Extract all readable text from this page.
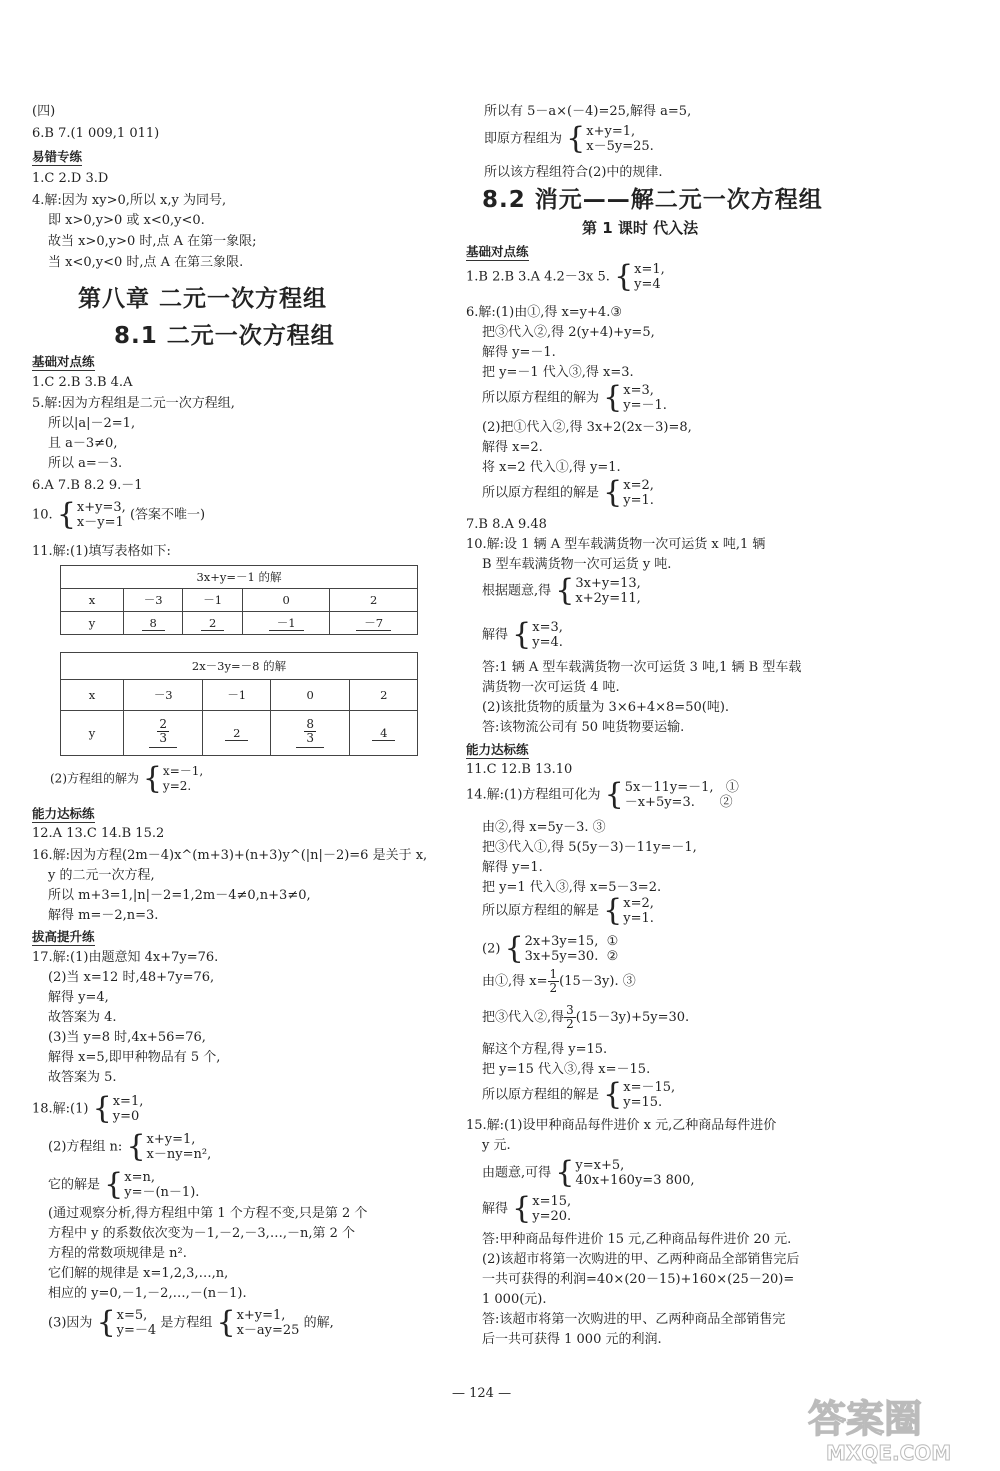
(四)
6.B 7.(1 009,1 011)
易错专练
1.C 2.D 3.D
4.解:因为 xy>0,所以 x,y 为同号,
即 x>0,y>0 或 x<0,y<0.
故当 x>0,y>0 时,点 A 在第一象限;
当 x<0,y<0 时,点 A 在第三象限.
第八章 二元一次方程组
8.1 二元一次方程组
基础对点练
1.C 2.B 3.B 4.A
5.解:因为方程组是二元一次方程组,
所以|a|－2=1,
且 a－3≠0,
所以 a=－3.
6.A 7.B 8.2 9.－1
10. { x+y=3,
x－y=1 (答案不唯一)
11.解:(1)填写表格如下:
3x+y=－1 的解				
x	－3	－1	0	2
y	8	2	－1	－7
2x－3y=－8 的解				
x	－3	－1	0	2
y	$\frac{2}{3}$	2	$\frac{8}{3}$	4
(2)方程组的解为 { x=－1,
y=2.
能力达标练
12.A 13.C 14.B 15.2
16.解:因为方程(2m－4)x^(m+3)+(n+3)y^(|n|－2)=6 是关于 x,
y 的二元一次方程,
所以 m+3=1,|n|－2=1,2m－4≠0,n+3≠0,
解得 m=－2,n=3.
拔高提升练
17.解:(1)由题意知 4x+7y=76.
(2)当 x=12 时,48+7y=76,
解得 y=4,
故答案为 4.
(3)当 y=8 时,4x+56=76,
解得 x=5,即甲种物品有 5 个,
故答案为 5.
18.解:(1) { x=1,
y=0
(2)方程组 n: { x+y=1,
x－ny=n²,
它的解是 { x=n,
y=－(n－1).
(通过观察分析,得方程组中第 1 个方程不变,只是第 2 个
方程中 y 的系数依次变为－1,－2,－3,…,－n,第 2 个
方程的常数项规律是 n².
它们解的规律是 x=1,2,3,…,n,
相应的 y=0,－1,－2,…,－(n－1).
(3)因为 { x=5,
y=－4 是方程组 { x+y=1,
x－ay=25 的解,
所以有 5－a×(－4)=25,解得 a=5,
即原方程组为 { x+y=1,
x－5y=25.
所以该方程组符合(2)中的规律.
8.2 消元——解二元一次方程组
第 1 课时 代入法
基础对点练
1.B 2.B 3.A 4.2－3x 5. { x=1,
y=4
6.解:(1)由①,得 x=y+4.③
把③代入②,得 2(y+4)+y=5,
解得 y=－1.
把 y=－1 代入③,得 x=3.
所以原方程组的解为 { x=3,
y=－1.
(2)把①代入②,得 3x+2(2x－3)=8,
解得 x=2.
将 x=2 代入①,得 y=1.
所以原方程组的解是 { x=2,
y=1.
7.B 8.A 9.48
10.解:设 1 辆 A 型车载满货物一次可运货 x 吨,1 辆
B 型车载满货物一次可运货 y 吨.
根据题意,得 { 3x+y=13,
x+2y=11,
解得 { x=3,
y=4.
答:1 辆 A 型车载满货物一次可运货 3 吨,1 辆 B 型车载
满货物一次可运货 4 吨.
(2)该批货物的质量为 3×6+4×8=50(吨).
答:该物流公司有 50 吨货物要运输.
能力达标练
11.C 12.B 13.10
14.解:(1)方程组可化为 { 5x－11y=－1,   ①
－x+5y=3.      ②
由②,得 x=5y－3. ③
把③代入①,得 5(5y－3)－11y=－1,
解得 y=1.
把 y=1 代入③,得 x=5－3=2.
所以原方程组的解是 { x=2,
y=1.
(2) { 2x+3y=15,  ①
3x+5y=30.  ②
由①,得 $x= \frac{1}{2} (15-3y)$. ③
把③代入②,得 $\frac{3}{2} (15-3y)+5y=30$.
解这个方程,得 y=15.
把 y=15 代入③,得 x=－15.
所以原方程组的解是 { x=－15,
y=15.
15.解:(1)设甲种商品每件进价 x 元,乙种商品每件进价
y 元.
由题意,可得 { y=x+5,
40x+160y=3 800,
解得 { x=15,
y=20.
答:甲种商品每件进价 15 元,乙种商品每件进价 20 元.
(2)该超市将第一次购进的甲、乙两种商品全部销售完后
一共可获得的利润=40×(20－15)+160×(25－20)=
1 000(元).
答:该超市将第一次购进的甲、乙两种商品全部销售完
后一共可获得 1 000 元的利润.
— 124 —
答案圈
MXQE.COM
